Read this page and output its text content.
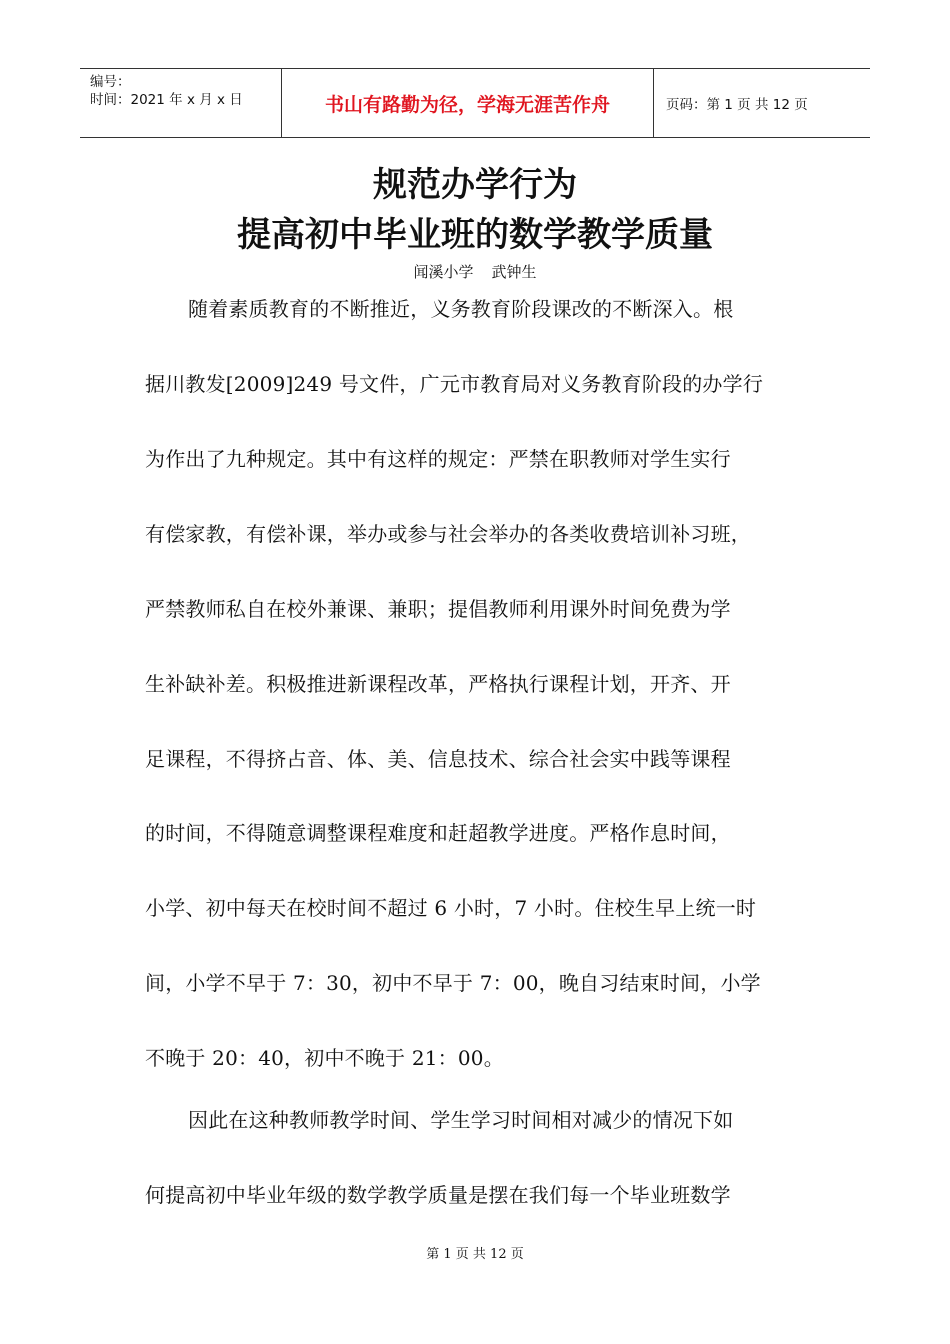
编号：
时间：2021 年 x 月 x 日	书山有路勤为径，学海无涯苦作舟	页码：第 1 页 共 12 页
规范办学行为
提高初中毕业班的数学教学质量
闻溪小学 武钟生
随着素质教育的不断推近，义务教育阶段课改的不断深入。根
据川教发[2009]249 号文件，广元市教育局对义务教育阶段的办学行
为作出了九种规定。其中有这样的规定：严禁在职教师对学生实行
有偿家教，有偿补课，举办或参与社会举办的各类收费培训补习班，
严禁教师私自在校外兼课、兼职；提倡教师利用课外时间免费为学
生补缺补差。积极推进新课程改革，严格执行课程计划，开齐、开
足课程，不得挤占音、体、美、信息技术、综合社会实中践等课程
的时间，不得随意调整课程难度和赶超教学进度。严格作息时间，
小学、初中每天在校时间不超过 6 小时，7 小时。住校生早上统一时
间，小学不早于 7：30，初中不早于 7：00，晚自习结束时间，小学
不晚于 20：40，初中不晚于 21：00。
因此在这种教师教学时间、学生学习时间相对减少的情况下如
何提高初中毕业年级的数学教学质量是摆在我们每一个毕业班数学
第 1 页 共 12 页
